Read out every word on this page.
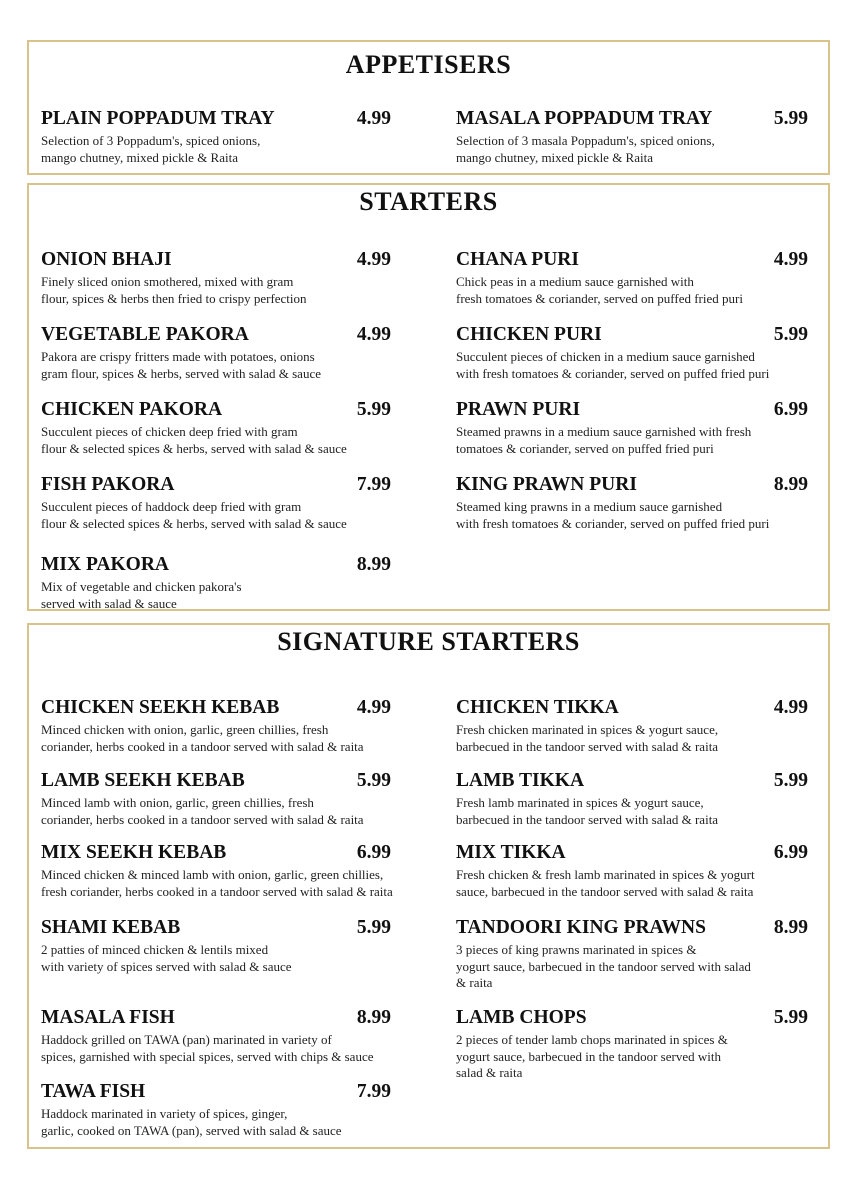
APPETISERS
PLAIN POPPADUM TRAY	4.99
Selection of 3 Poppadum's, spiced onions,
mango chutney, mixed pickle & Raita
MASALA POPPADUM TRAY	5.99
Selection of 3 masala Poppadum's, spiced onions,
mango chutney, mixed pickle & Raita
STARTERS
ONION BHAJI	4.99
Finely sliced onion smothered, mixed with gram
flour, spices & herbs then fried to crispy perfection
CHANA PURI	4.99
Chick peas in a medium sauce garnished with
fresh tomatoes & coriander, served on puffed fried puri
VEGETABLE PAKORA	4.99
Pakora are crispy fritters made with potatoes, onions
gram flour, spices & herbs, served with salad & sauce
CHICKEN PURI	5.99
Succulent pieces of chicken in a medium sauce garnished
with fresh tomatoes & coriander, served on puffed fried puri
CHICKEN PAKORA	5.99
Succulent pieces of chicken deep fried with gram
flour & selected spices & herbs, served with salad & sauce
PRAWN PURI	6.99
Steamed prawns in a medium sauce garnished with fresh
tomatoes & coriander, served on puffed fried puri
FISH PAKORA	7.99
Succulent pieces of haddock deep fried with gram
flour & selected spices & herbs, served with salad & sauce
KING PRAWN PURI	8.99
Steamed king prawns in a medium sauce garnished
with fresh tomatoes & coriander, served on puffed fried puri
MIX PAKORA	8.99
Mix of vegetable and chicken pakora's
served with salad & sauce
SIGNATURE STARTERS
CHICKEN SEEKH KEBAB	4.99
Minced chicken with onion, garlic, green chillies, fresh
coriander, herbs cooked in a tandoor served with salad & raita
CHICKEN TIKKA	4.99
Fresh chicken marinated in spices & yogurt sauce,
barbecued in the tandoor served with salad & raita
LAMB SEEKH KEBAB	5.99
Minced lamb with onion, garlic, green chillies, fresh
coriander, herbs cooked in a tandoor served with salad & raita
LAMB TIKKA	5.99
Fresh lamb marinated in spices & yogurt sauce,
barbecued in the tandoor served with salad & raita
MIX SEEKH KEBAB	6.99
Minced chicken & minced lamb with onion, garlic, green chillies,
fresh coriander, herbs cooked in a tandoor served with salad & raita
MIX TIKKA	6.99
Fresh chicken & fresh lamb marinated in spices & yogurt
sauce, barbecued in the tandoor served with salad & raita
SHAMI KEBAB	5.99
2 patties of minced chicken & lentils mixed
with variety of spices served with salad & sauce
TANDOORI KING PRAWNS	8.99
3 pieces of king prawns marinated in spices &
yogurt sauce, barbecued in the tandoor served with salad
& raita
MASALA FISH	8.99
Haddock grilled on TAWA (pan) marinated in variety of
spices, garnished with special spices, served with chips & sauce
LAMB CHOPS	5.99
2 pieces of tender lamb chops marinated in spices &
yogurt sauce, barbecued in the tandoor served with
salad & raita
TAWA FISH	7.99
Haddock marinated in variety of spices, ginger,
garlic, cooked on TAWA (pan), served with salad & sauce
